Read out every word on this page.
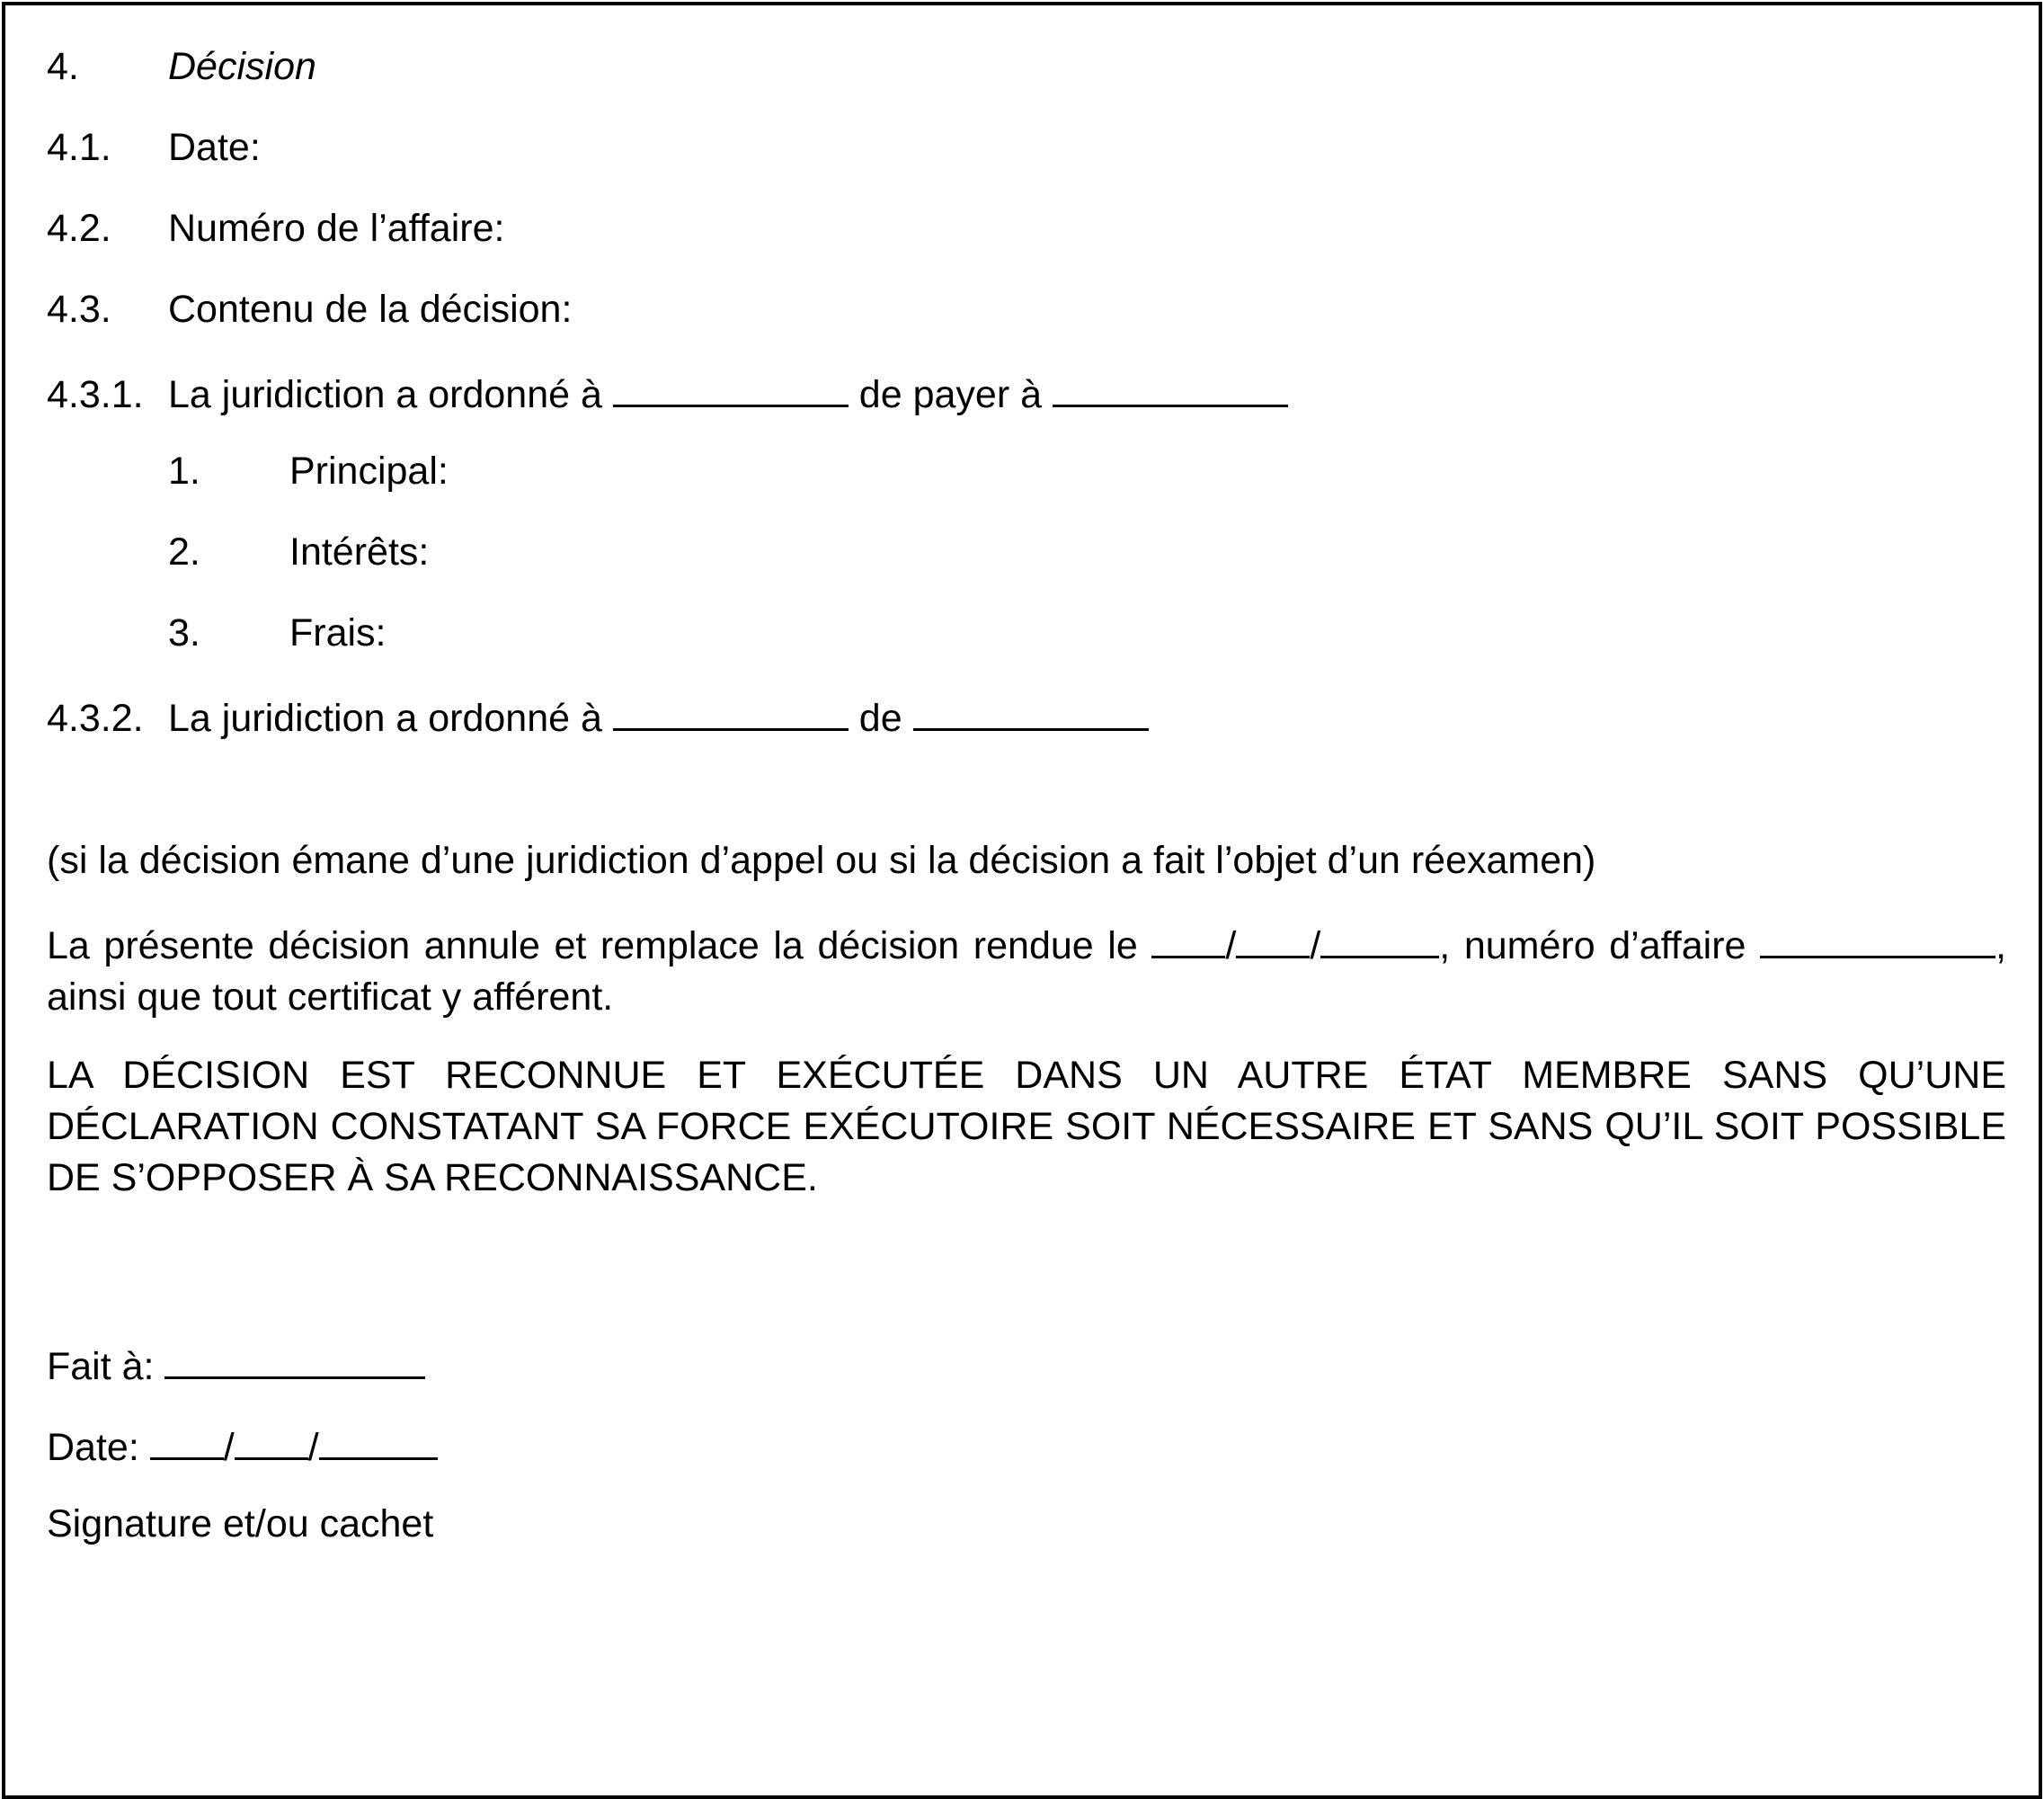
4.	Décision
4.1.	Date:
4.2.	Numéro de l’affaire:
4.3.	Contenu de la décision:
4.3.1. La juridiction a ordonné à

	de payer à

1.	Principal:
2.	Intérêts:
3.	Frais:
4.3.2. La juridiction a ordonné à

	de

(si la décision émane d’une juridiction d’appel ou si la décision a fait l’objet d’un réexamen)

La présente décision annule et remplace la décision rendue le / /	, numéro d’affaire	, ainsi que tout certificat y afférent.

LA DÉCISION EST RECONNUE ET EXÉCUTÉE DANS UN AUTRE ÉTAT MEMBRE SANS QU’UNE DÉCLARATION CONSTATANT SA FORCE EXÉCUTOIRE SOIT NÉCESSAIRE ET SANS QU’IL SOIT POSSIBLE DE S’OPPOSER À SA RECONNAISSANCE.

Fait à:

Date:
/ /
Signature et/ou cachet
